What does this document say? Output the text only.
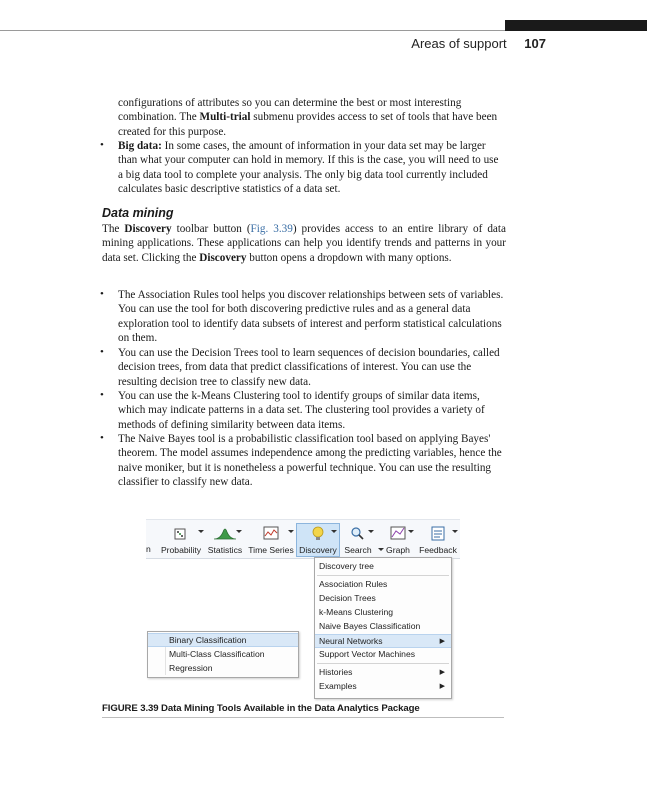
Areas of support 107
configurations of attributes so you can determine the best or most interesting combination. The Multi-trial submenu provides access to set of tools that have been created for this purpose.
• Big data: In some cases, the amount of information in your data set may be larger than what your computer can hold in memory. If this is the case, you will need to use a big data tool to complete your analysis. The only big data tool currently included calculates basic descriptive statistics of a data set.
Data mining
The Discovery toolbar button (Fig. 3.39) provides access to an entire library of data mining applications. These applications can help you identify trends and patterns in your data set. Clicking the Discovery button opens a dropdown with many options.
• The Association Rules tool helps you discover relationships between sets of variables. You can use the tool for both discovering predictive rules and as a general data exploration tool to identify data subsets of interest and perform statistical calculations on them.
• You can use the Decision Trees tool to learn sequences of decision boundaries, called decision trees, from data that predict classifications of interest. You can use the resulting decision tree to classify new data.
• You can use the k-Means Clustering tool to identify groups of similar data items, which may indicate patterns in a data set. The clustering tool provides a variety of methods of defining similarity between data items.
• The Naive Bayes tool is a probabilistic classification tool based on applying Bayes' theorem. The model assumes independence among the predicting variables, hence the naive moniker, but it is nonetheless a powerful technique. You can use the resulting classifier to classify new data.
n	Probability Statistics Time Series Discovery Search	Graph	Feedback
Discovery tree
Association Rules
Decision Trees
k-Means Clustering
Naive Bayes Classification
Neural Networks	▶
Support Vector Machines
Histories	▶
Examples	▶
Binary Classification
Multi-Class Classification
Regression
FIGURE 3.39 Data Mining Tools Available in the Data Analytics Package
